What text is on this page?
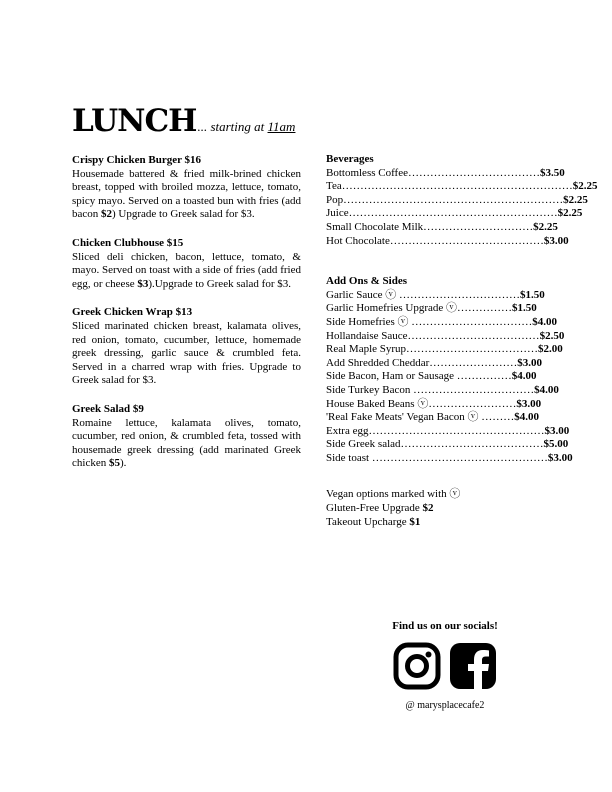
LUNCH ... starting at 11am
Crispy Chicken Burger $16
Housemade battered & fried milk-brined chicken breast, topped with broiled mozza, lettuce, tomato, spicy mayo. Served on a toasted bun with fries (add bacon $2) Upgrade to Greek salad for $3.
Chicken Clubhouse $15
Sliced deli chicken, bacon, lettuce, tomato, & mayo. Served on toast with a side of fries (add fried egg, or cheese $3).Upgrade to Greek salad for $3.
Greek Chicken Wrap $13
Sliced marinated chicken breast, kalamata olives, red onion, tomato, cucumber, lettuce, homemade greek dressing, garlic sauce & crumbled feta. Served in a charred wrap with fries. Upgrade to Greek salad for $3.
Greek Salad $9
Romaine lettuce, kalamata olives, tomato, cucumber, red onion, & crumbled feta, tossed with housemade greek dressing (add marinated Greek chicken $5).
Beverages
Bottomless Coffee……………………………… $3.50
Tea……………………………………………………… $2.25
Pop…………………………………………………… $2.25
Juice………………………………………………… $2.25
Small Chocolate Milk………………………… $2.25
Hot Chocolate…………………………………… $3.00
Add Ons & Sides
Garlic Sauce ⓥ …………………………… $1.50
Garlic Homefries Upgrade ⓥ…………… $1.50
Side Homefries ⓥ …………………………… $4.00
Hollandaise Sauce……………………………… $2.50
Real Maple Syrup……………………………… $2.00
Add Shredded Cheddar…………………… $3.00
Side Bacon, Ham or Sausage …………… $4.00
Side Turkey Bacon …………………………… $4.00
House Baked Beans ⓥ…………………… $3.00
'Real Fake Meats' Vegan Bacon ⓥ ……… $4.00
Extra egg………………………………………… $3.00
Side Greek salad………………………………… $5.00
Side toast ………………………………………… $3.00
Vegan options marked with ⓥ
Gluten-Free Upgrade $2
Takeout Upcharge $1
Find us on our socials!
@ marysplacecafe2
